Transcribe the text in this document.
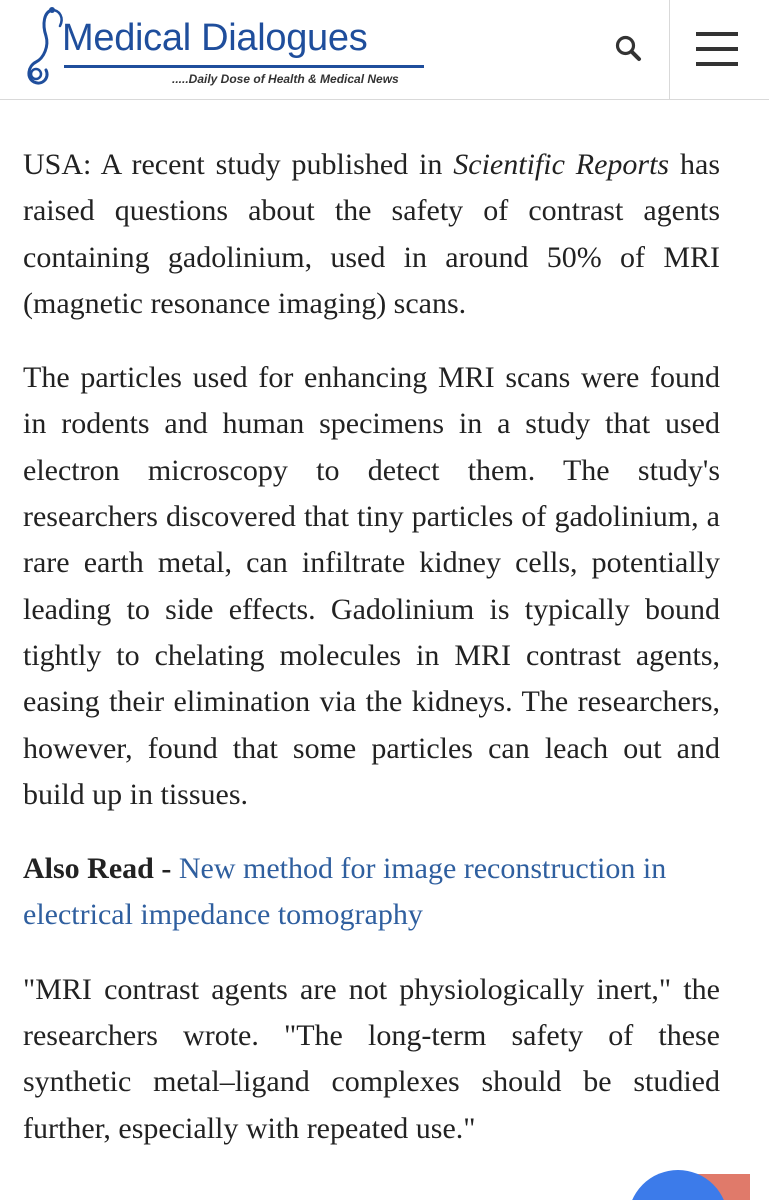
Medical Dialogues
.....Daily Dose of Health & Medical News

USA: A recent study published in Scientific Reports has raised questions about the safety of contrast agents containing gadolinium, used in around 50% of MRI (magnetic resonance imaging) scans.

The particles used for enhancing MRI scans were found in rodents and human specimens in a study that used electron microscopy to detect them. The study's researchers discovered that tiny particles of gadolinium, a rare earth metal, can infiltrate kidney cells, potentially leading to side effects. Gadolinium is typically bound tightly to chelating molecules in MRI contrast agents, easing their elimination via the kidneys. The researchers, however, found that some particles can leach out and build up in tissues.

Also Read - New method for image reconstruction in electrical impedance tomography

"MRI contrast agents are not physiologically inert," the researchers wrote. "The long-term safety of these synthetic metal–ligand complexes should be studied further, especially with repeated use."
